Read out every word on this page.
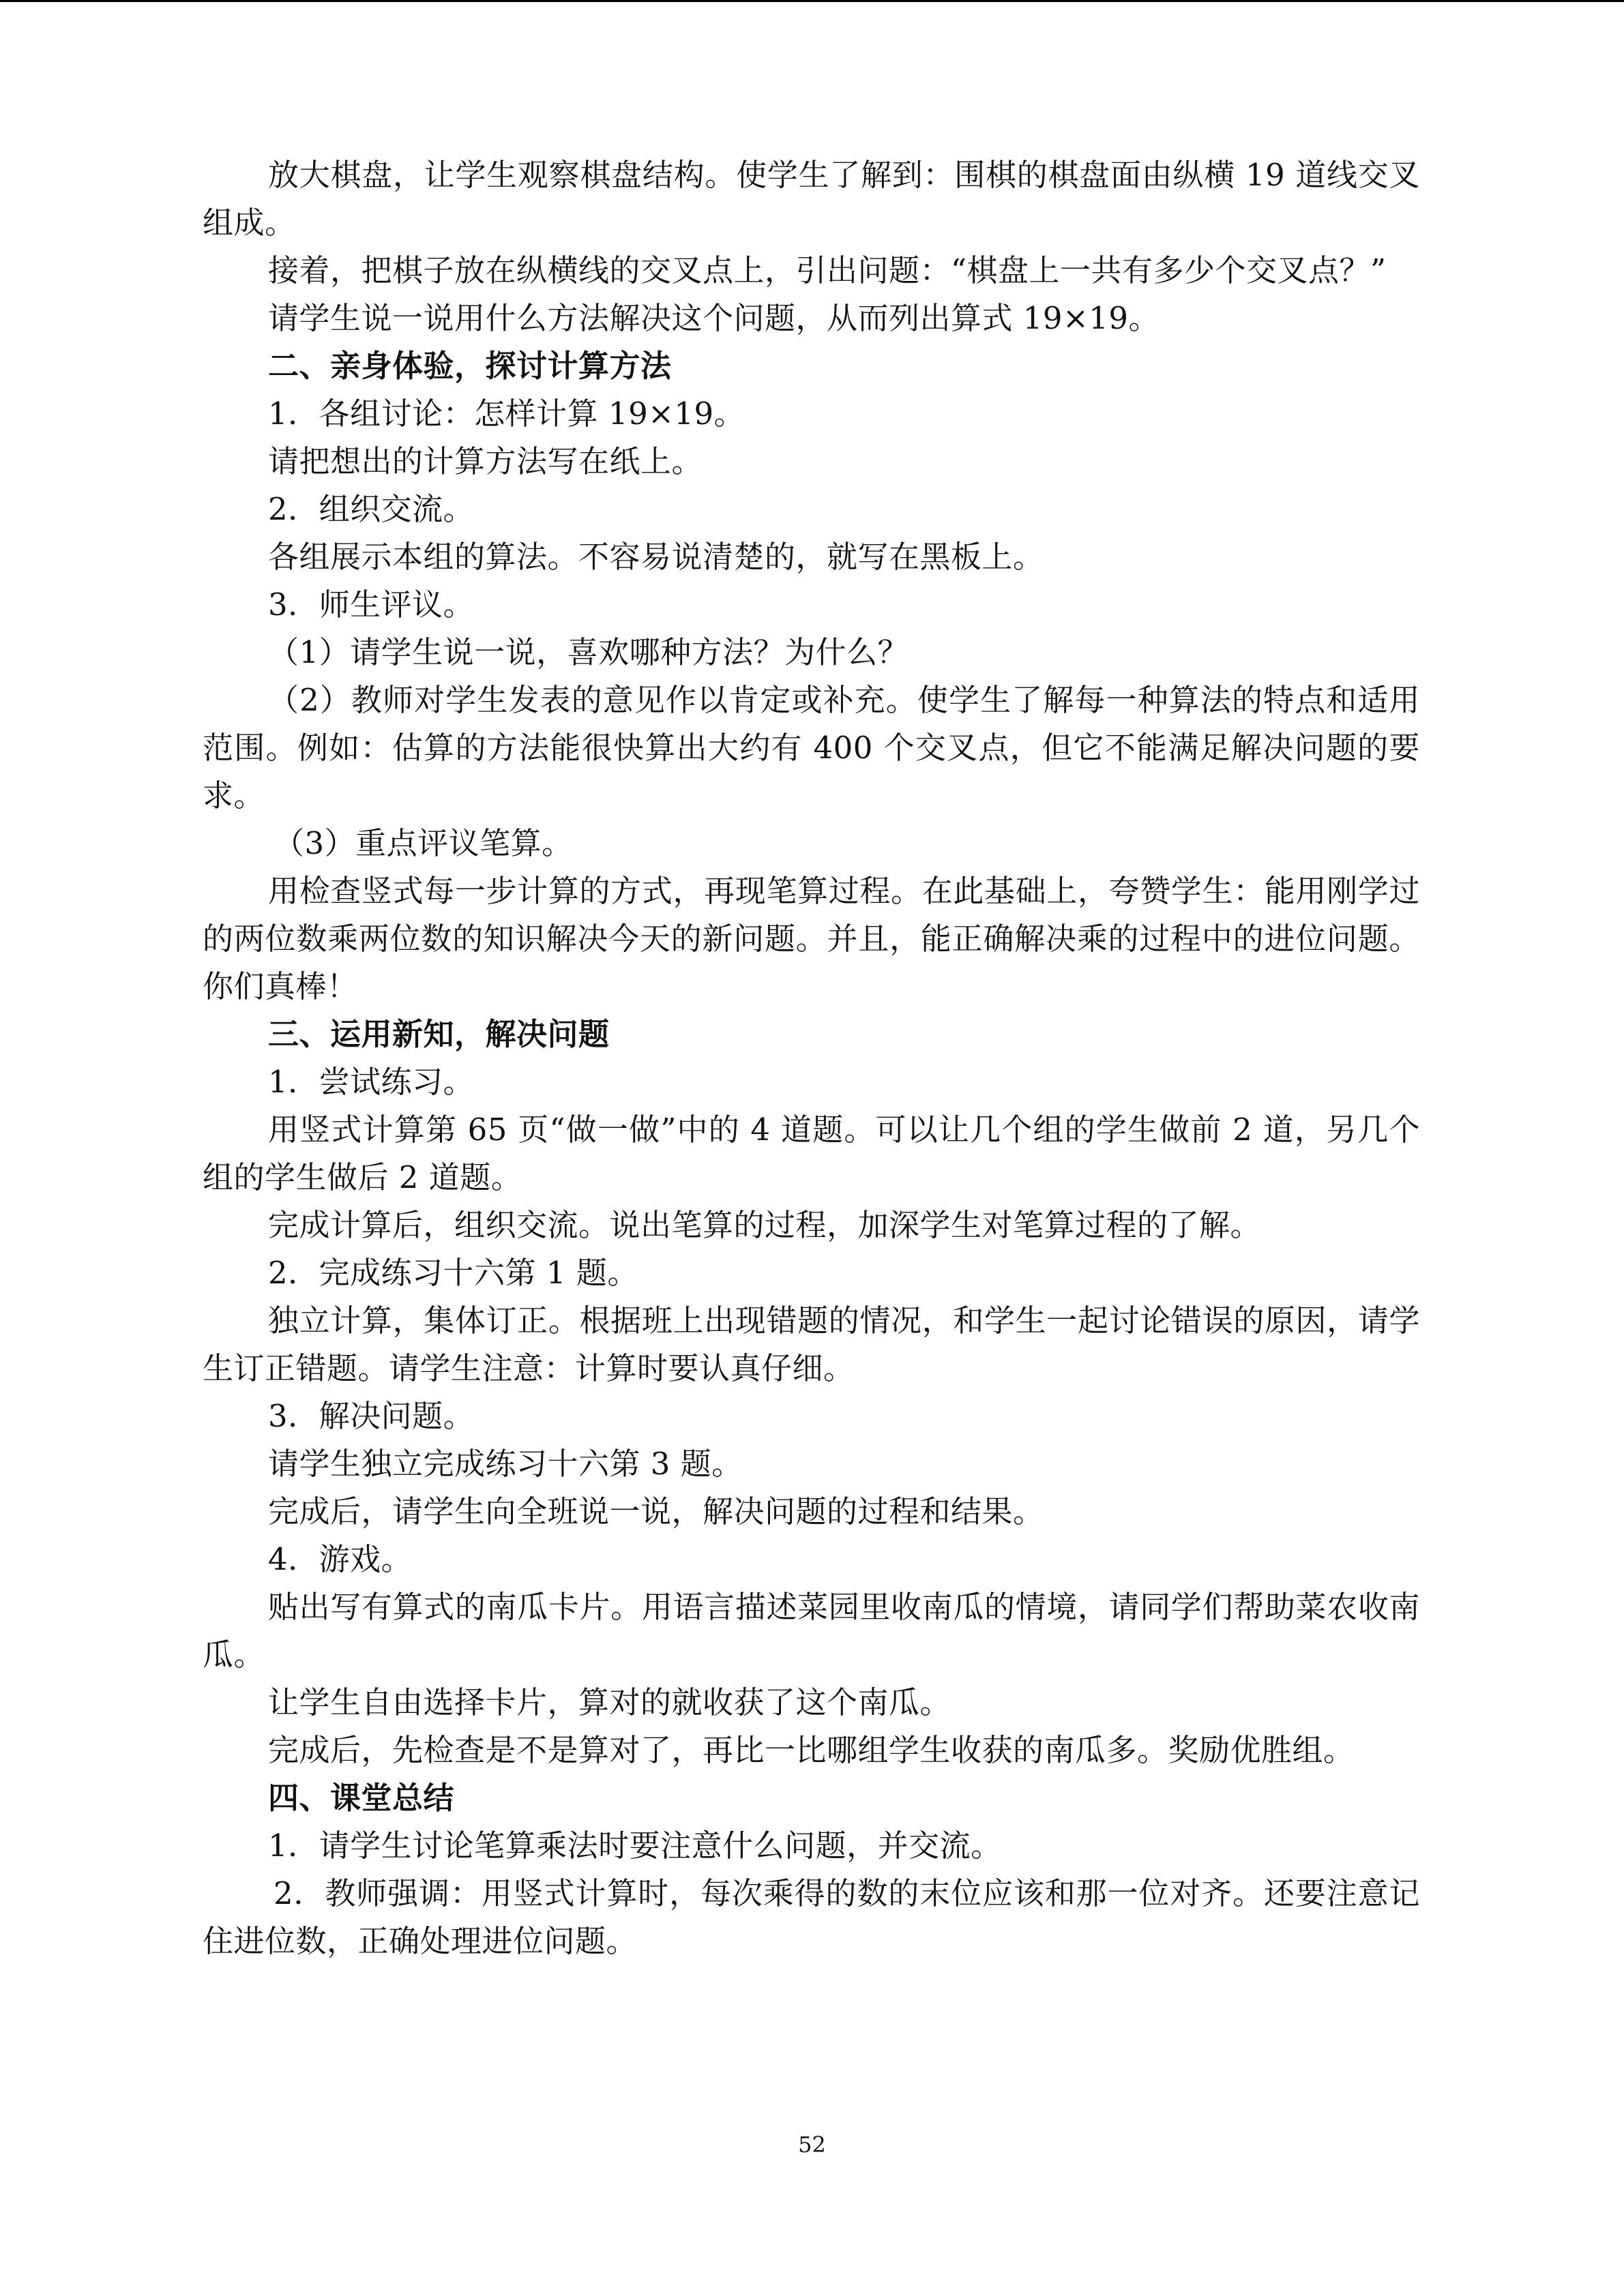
放大棋盘，让学生观察棋盘结构。使学生了解到：围棋的棋盘面由纵横 19 道线交叉组成。

接着，把棋子放在纵横线的交叉点上，引出问题：“棋盘上一共有多少个交叉点？”

请学生说一说用什么方法解决这个问题，从而列出算式 19×19。

二、亲身体验，探讨计算方法

1．各组讨论：怎样计算 19×19。

请把想出的计算方法写在纸上。

2．组织交流。

各组展示本组的算法。不容易说清楚的，就写在黑板上。

3．师生评议。

（1）请学生说一说，喜欢哪种方法？为什么？

（2）教师对学生发表的意见作以肯定或补充。使学生了解每一种算法的特点和适用范围。例如：估算的方法能很快算出大约有 400 个交叉点，但它不能满足解决问题的要求。

（3）重点评议笔算。

用检查竖式每一步计算的方式，再现笔算过程。在此基础上，夸赞学生：能用刚学过的两位数乘两位数的知识解决今天的新问题。并且，能正确解决乘的过程中的进位问题。你们真棒！

三、运用新知，解决问题

1．尝试练习。

用竖式计算第 65 页“做一做”中的 4 道题。可以让几个组的学生做前 2 道，另几个组的学生做后 2 道题。

完成计算后，组织交流。说出笔算的过程，加深学生对笔算过程的了解。

2．完成练习十六第 1 题。

独立计算，集体订正。根据班上出现错题的情况，和学生一起讨论错误的原因，请学生订正错题。请学生注意：计算时要认真仔细。

3．解决问题。

请学生独立完成练习十六第 3 题。

完成后，请学生向全班说一说，解决问题的过程和结果。

4．游戏。

贴出写有算式的南瓜卡片。用语言描述菜园里收南瓜的情境，请同学们帮助菜农收南瓜。

让学生自由选择卡片，算对的就收获了这个南瓜。

完成后，先检查是不是算对了，再比一比哪组学生收获的南瓜多。奖励优胜组。

四、课堂总结

1．请学生讨论笔算乘法时要注意什么问题，并交流。

2．教师强调：用竖式计算时，每次乘得的数的末位应该和那一位对齐。还要注意记住进位数，正确处理进位问题。

52
